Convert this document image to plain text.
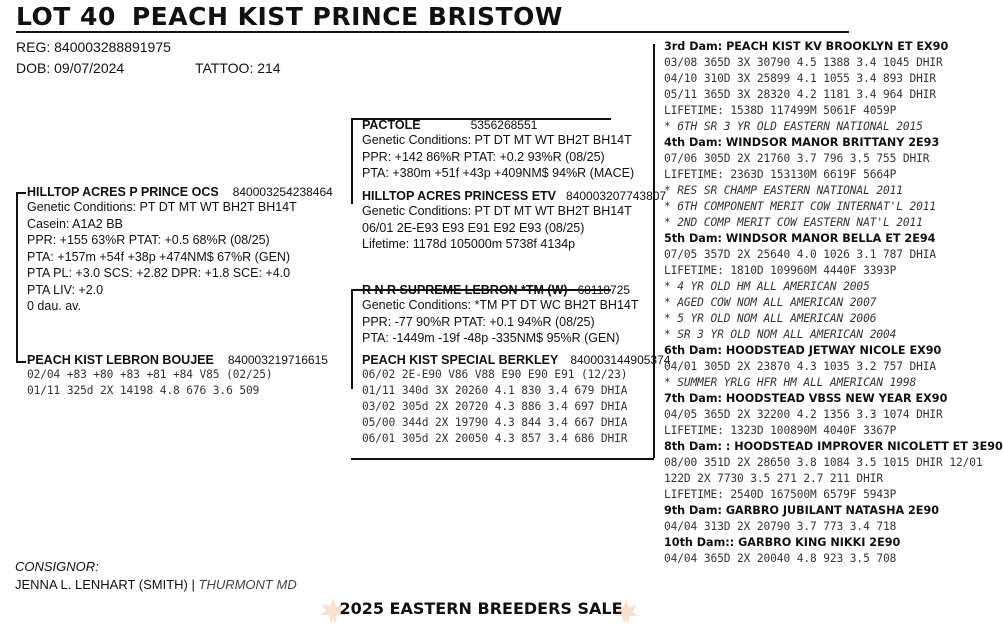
LOT 40 PEACH KIST PRINCE BRISTOW
REG: 840003288891975
DOB: 09/07/2024	TATTOO: 214
HILLTOP ACRES P PRINCE OCS 840003254238464
Genetic Conditions: PT DT MT WT BH2T BH14T
Casein: A1A2 BB
PPR: +155 63%R PTAT: +0.5 68%R (08/25)
PTA: +157m +54f +38p +474NM$ 67%R (GEN)
PTA PL: +3.0 SCS: +2.82 DPR: +1.8 SCE: +4.0
PTA LIV: +2.0
0 dau. av.
PEACH KIST LEBRON BOUJEE 840003219716615
02/04 +83 +80 +83 +81 +84 V85 (02/25)
01/11 325d 2X 14198 4.8 676 3.6 509
PACTOLE	5356268551
Genetic Conditions: PT DT MT WT BH2T BH14T
PPR: +142 86%R PTAT: +0.2 93%R (08/25)
PTA: +380m +51f +43p +409NM$ 94%R (MACE)
HILLTOP ACRES PRINCESS ETV 840003207743807
Genetic Conditions: PT DT MT WT BH2T BH14T
06/01 2E-E93 E93 E91 E92 E93 (08/25)
Lifetime: 1178d 105000m 5738f 4134p
R N R SUPREME LEBRON *TM (W) 68118725
Genetic Conditions: *TM PT DT WC BH2T BH14T
PPR: -77 90%R PTAT: +0.1 94%R (08/25)
PTA: -1449m -19f -48p -335NM$ 95%R (GEN)
PEACH KIST SPECIAL BERKLEY 840003144905374
06/02 2E-E90 V86 V88 E90 E90 E91 (12/23)
01/11 340d 3X 20260 4.1 830 3.4 679 DHIA
03/02 305d 2X 20720 4.3 886 3.4 697 DHIA
05/00 344d 2X 19790 4.3 844 3.4 667 DHIA
06/01 305d 2X 20050 4.3 857 3.4 686 DHIR
3rd Dam: PEACH KIST KV BROOKLYN ET EX90
03/08 365D 3X 30790 4.5 1388 3.4 1045 DHIR
04/10 310D 3X 25899 4.1 1055 3.4 893 DHIR
05/11 365D 3X 28320 4.2 1181 3.4 964 DHIR
LIFETIME: 1538D 117499M 5061F 4059P
* 6TH SR 3 YR OLD EASTERN NATIONAL 2015
4th Dam: WINDSOR MANOR BRITTANY 2E93
07/06 305D 2X 21760 3.7 796 3.5 755 DHIR
LIFETIME: 2363D 153130M 6619F 5664P
* RES SR CHAMP EASTERN NATIONAL 2011
* 6TH COMPONENT MERIT COW INTERNAT'L 2011
* 2ND COMP MERIT COW EASTERN NAT'L 2011
5th Dam: WINDSOR MANOR BELLA ET 2E94
07/05 357D 2X 25640 4.0 1026 3.1 787 DHIA
LIFETIME: 1810D 109960M 4440F 3393P
* 4 YR OLD HM ALL AMERICAN 2005
* AGED COW NOM ALL AMERICAN 2007
* 5 YR OLD NOM ALL AMERICAN 2006
* SR 3 YR OLD NOM ALL AMERICAN 2004
6th Dam: HOODSTEAD JETWAY NICOLE EX90
04/01 305D 2X 23870 4.3 1035 3.2 757 DHIA
* SUMMER YRLG HFR HM ALL AMERICAN 1998
7th Dam: HOODSTEAD VBSS NEW YEAR EX90
04/05 365D 2X 32200 4.2 1356 3.3 1074 DHIR
LIFETIME: 1323D 100890M 4040F 3367P
8th Dam: : HOODSTEAD IMPROVER NICOLETT ET 3E90
08/00 351D 2X 28650 3.8 1084 3.5 1015 DHIR 12/01
122D 2X 7730 3.5 271 2.7 211 DHIR
LIFETIME: 2540D 167500M 6579F 5943P
9th Dam: GARBRO JUBILANT NATASHA 2E90
04/04 313D 2X 20790 3.7 773 3.4 718
10th Dam:: GARBRO KING NIKKI 2E90
04/04 365D 2X 20040 4.8 923 3.5 708
CONSIGNOR:
JENNA L. LENHART (SMITH) | THURMONT MD
2025 EASTERN BREEDERS SALE
